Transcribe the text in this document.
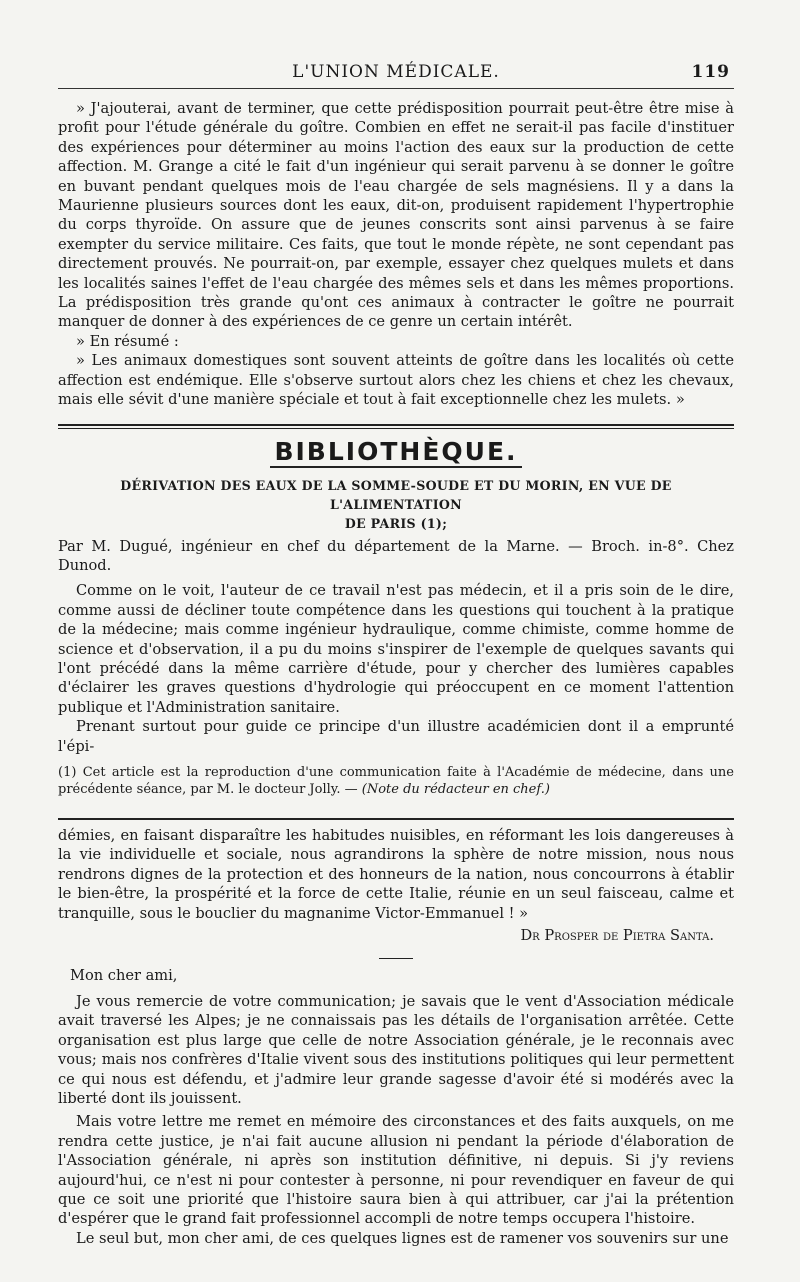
L'UNION MÉDICALE.	119

» J'ajouterai, avant de terminer, que cette prédisposition pourrait peut-être être mise à profit pour l'étude générale du goître. Combien en effet ne serait-il pas facile d'instituer des expériences pour déterminer au moins l'action des eaux sur la production de cette affection. M. Grange a cité le fait d'un ingénieur qui serait parvenu à se donner le goître en buvant pendant quelques mois de l'eau chargée de sels magnésiens. Il y a dans la Maurienne plusieurs sources dont les eaux, dit-on, produisent rapidement l'hypertrophie du corps thyroïde. On assure que de jeunes conscrits sont ainsi parvenus à se faire exempter du service militaire. Ces faits, que tout le monde répète, ne sont cependant pas directement prouvés. Ne pourrait-on, par exemple, essayer chez quelques mulets et dans les localités saines l'effet de l'eau chargée des mêmes sels et dans les mêmes proportions. La prédisposition très grande qu'ont ces animaux à contracter le goître ne pourrait manquer de donner à des expériences de ce genre un certain intérêt.

» En résumé :

» Les animaux domestiques sont souvent atteints de goître dans les localités où cette affection est endémique. Elle s'observe surtout alors chez les chiens et chez les chevaux, mais elle sévit d'une manière spéciale et tout à fait exceptionnelle chez les mulets. »

BIBLIOTHÈQUE.

DÉRIVATION DES EAUX DE LA SOMME-SOUDE ET DU MORIN, EN VUE DE L'ALIMENTATION

DE PARIS (1);

Par M. Dugué, ingénieur en chef du département de la Marne. — Broch. in-8°. Chez Dunod.

Comme on le voit, l'auteur de ce travail n'est pas médecin, et il a pris soin de le dire, comme aussi de décliner toute compétence dans les questions qui touchent à la pratique de la médecine; mais comme ingénieur hydraulique, comme chimiste, comme homme de science et d'observation, il a pu du moins s'inspirer de l'exemple de quelques savants qui l'ont précédé dans la même carrière d'étude, pour y chercher des lumières capables d'éclairer les graves questions d'hydrologie qui préoccupent en ce moment l'attention publique et l'Administration sanitaire.

Prenant surtout pour guide ce principe d'un illustre académicien dont il a emprunté l'épi-

(1) Cet article est la reproduction d'une communication faite à l'Académie de médecine, dans une précédente séance, par M. le docteur Jolly. — (Note du rédacteur en chef.)

démies, en faisant disparaître les habitudes nuisibles, en réformant les lois dangereuses à la vie individuelle et sociale, nous agrandirons la sphère de notre mission, nous nous rendrons dignes de la protection et des honneurs de la nation, nous concourrons à établir le bien-être, la prospérité et la force de cette Italie, réunie en un seul faisceau, calme et tranquille, sous le bouclier du magnanime Victor-Emmanuel ! »

Dr Prosper de Pietra Santa.

Mon cher ami,

Je vous remercie de votre communication; je savais que le vent d'Association médicale avait traversé les Alpes; je ne connaissais pas les détails de l'organisation arrêtée. Cette organisation est plus large que celle de notre Association générale, je le reconnais avec vous; mais nos confrères d'Italie vivent sous des institutions politiques qui leur permettent ce qui nous est défendu, et j'admire leur grande sagesse d'avoir été si modérés avec la liberté dont ils jouissent.

Mais votre lettre me remet en mémoire des circonstances et des faits auxquels, on me rendra cette justice, je n'ai fait aucune allusion ni pendant la période d'élaboration de l'Association générale, ni après son institution définitive, ni depuis. Si j'y reviens aujourd'hui, ce n'est ni pour contester à personne, ni pour revendiquer en faveur de qui que ce soit une priorité que l'histoire saura bien à qui attribuer, car j'ai la prétention d'espérer que le grand fait professionnel accompli de notre temps occupera l'histoire.

Le seul but, mon cher ami, de ces quelques lignes est de ramener vos souvenirs sur une
